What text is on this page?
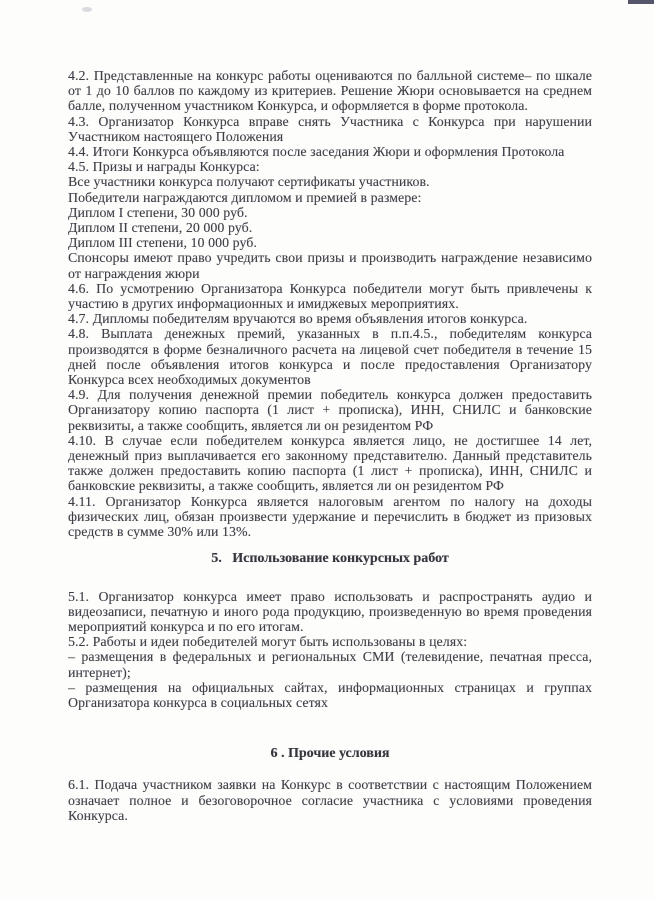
4.2. Представленные на конкурс работы оцениваются по балльной системе– по шкале от 1 до 10 баллов по каждому из критериев. Решение Жюри основывается на среднем балле, полученном участником Конкурса, и оформляется в форме протокола.

4.3. Организатор Конкурса вправе снять Участника с Конкурса при нарушении Участником настоящего Положения

4.4. Итоги Конкурса объявляются после заседания Жюри и оформления Протокола

4.5. Призы и награды Конкурса:

Все участники конкурса получают сертификаты участников.

Победители награждаются дипломом и премией в размере:

Диплом I степени, 30 000 руб.

Диплом II степени, 20 000 руб.

Диплом III степени, 10 000 руб.

Спонсоры имеют право учредить свои призы и производить награждение независимо от награждения жюри

4.6. По усмотрению Организатора Конкурса победители могут быть привлечены к участию в других информационных и имиджевых мероприятиях.

4.7. Дипломы победителям вручаются во время объявления итогов конкурса.

4.8. Выплата денежных премий, указанных в п.п.4.5., победителям конкурса производятся в форме безналичного расчета на лицевой счет победителя в течение 15 дней после объявления итогов конкурса и после предоставления Организатору Конкурса всех необходимых документов

4.9. Для получения денежной премии победитель конкурса должен предоставить Организатору копию паспорта (1 лист + прописка), ИНН, СНИЛС и банковские реквизиты, а также сообщить, является ли он резидентом РФ

4.10. В случае если победителем конкурса является лицо, не достигшее 14 лет, денежный приз выплачивается его законному представителю. Данный представитель также должен предоставить копию паспорта (1 лист + прописка), ИНН, СНИЛС и банковские реквизиты, а также сообщить, является ли он резидентом РФ

4.11. Организатор Конкурса является налоговым агентом по налогу на доходы физических лиц, обязан произвести удержание и перечислить в бюджет из призовых средств в сумме 30% или 13%.

5.   Использование конкурсных работ

5.1. Организатор конкурса имеет право использовать и распространять аудио и видеозаписи, печатную и иного рода продукцию, произведенную во время проведения мероприятий конкурса и по его итогам.

5.2. Работы и идеи победителей могут быть использованы в целях:

– размещения в федеральных и региональных СМИ (телевидение, печатная пресса, интернет);

– размещения на официальных сайтах, информационных страницах и группах Организатора конкурса в социальных сетях

6 . Прочие условия

6.1. Подача участником заявки на Конкурс в соответствии с настоящим Положением означает полное и безоговорочное согласие участника с условиями проведения Конкурса.
